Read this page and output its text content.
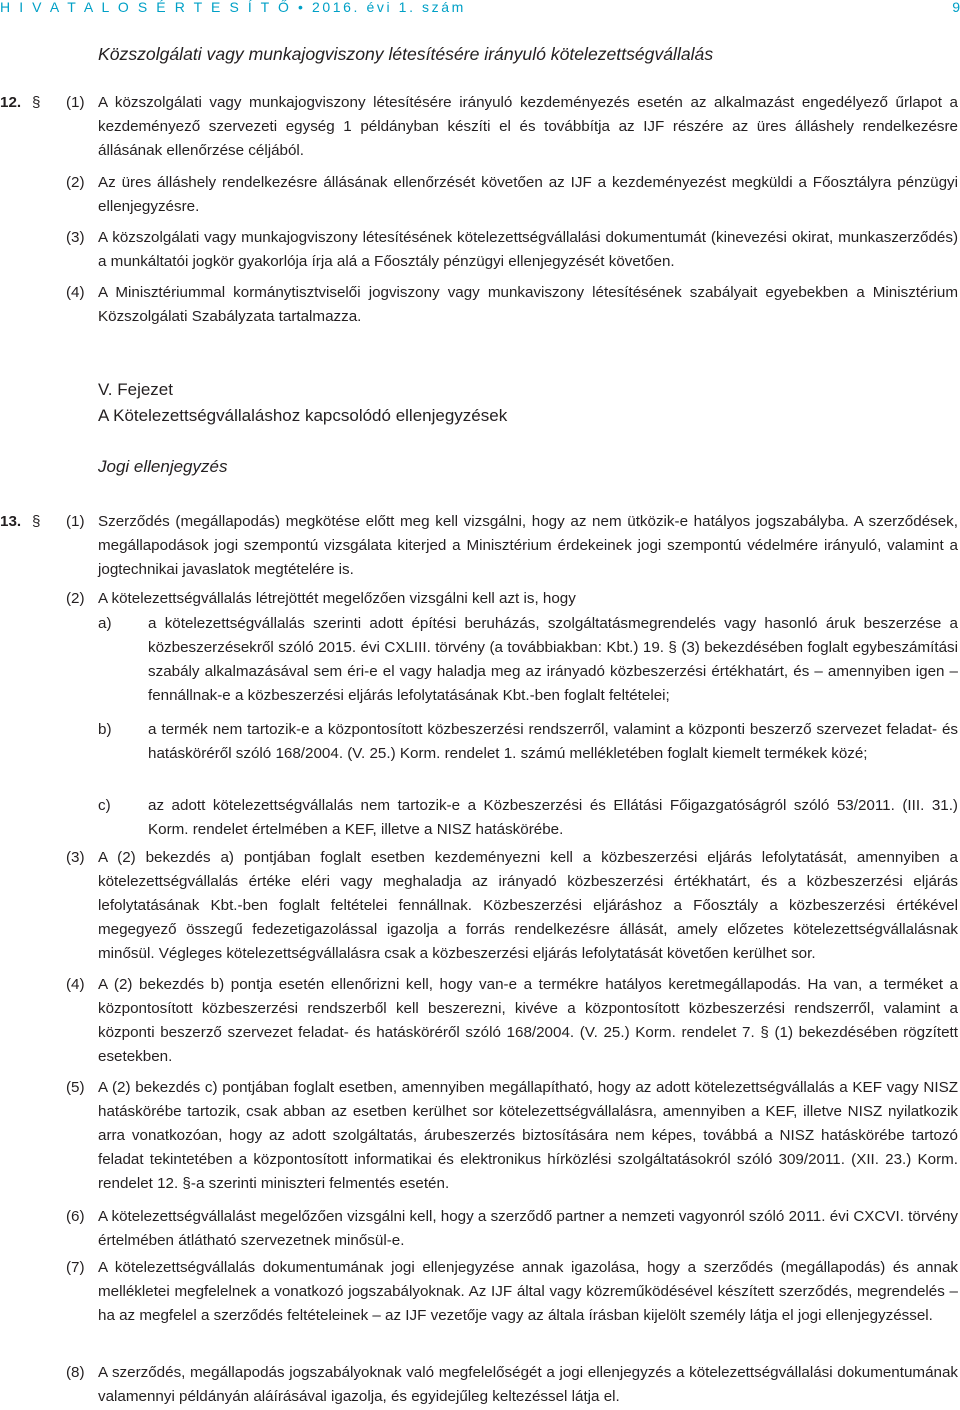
H I V A T A L O S É R T E S Í T Ő • 2016. évi 1. szám	9
Közszolgálati vagy munkajogviszony létesítésére irányuló kötelezettségvállalás
12. § (1) A közszolgálati vagy munkajogviszony létesítésére irányuló kezdeményezés esetén az alkalmazást engedélyező űrlapot a kezdeményező szervezeti egység 1 példányban készíti el és továbbítja az IJF részére az üres álláshely rendelkezésre állásának ellenőrzése céljából.
(2) Az üres álláshely rendelkezésre állásának ellenőrzését követően az IJF a kezdeményezést megküldi a Főosztályra pénzügyi ellenjegyzésre.
(3) A közszolgálati vagy munkajogviszony létesítésének kötelezettségvállalási dokumentumát (kinevezési okirat, munkaszerződés) a munkáltatói jogkör gyakorlója írja alá a Főosztály pénzügyi ellenjegyzését követően.
(4) A Minisztériummal kormánytisztviselői jogviszony vagy munkaviszony létesítésének szabályait egyebekben a Minisztérium Közszolgálati Szabályzata tartalmazza.
V. Fejezet
A Kötelezettségvállaláshoz kapcsolódó ellenjegyzések
Jogi ellenjegyzés
13. § (1) Szerződés (megállapodás) megkötése előtt meg kell vizsgálni, hogy az nem ütközik-e hatályos jogszabályba. A szerződések, megállapodások jogi szempontú vizsgálata kiterjed a Minisztérium érdekeinek jogi szempontú védelmére irányuló, valamint a jogtechnikai javaslatok megtételére is.
(2) A kötelezettségvállalás létrejöttét megelőzően vizsgálni kell azt is, hogy
a) a kötelezettségvállalás szerinti adott építési beruházás, szolgáltatásmegrendelés vagy hasonló áruk beszerzése a közbeszerzésekről szóló 2015. évi CXLIII. törvény (a továbbiakban: Kbt.) 19. § (3) bekezdésében foglalt egybeszámítási szabály alkalmazásával sem éri-e el vagy haladja meg az irányadó közbeszerzési értékhatárt, és – amennyiben igen – fennállnak-e a közbeszerzési eljárás lefolytatásának Kbt.-ben foglalt feltételei;
b) a termék nem tartozik-e a központosított közbeszerzési rendszerről, valamint a központi beszerző szervezet feladat- és hatásköréről szóló 168/2004. (V. 25.) Korm. rendelet 1. számú mellékletében foglalt kiemelt termékek közé;
c) az adott kötelezettségvállalás nem tartozik-e a Közbeszerzési és Ellátási Főigazgatóságról szóló 53/2011. (III. 31.) Korm. rendelet értelmében a KEF, illetve a NISZ hatáskörébe.
(3) A (2) bekezdés a) pontjában foglalt esetben kezdeményezni kell a közbeszerzési eljárás lefolytatását, amennyiben a kötelezettségvállalás értéke eléri vagy meghaladja az irányadó közbeszerzési értékhatárt, és a közbeszerzési eljárás lefolytatásának Kbt.-ben foglalt feltételei fennállnak. Közbeszerzési eljáráshoz a Főosztály a közbeszerzési értékével megegyező összegű fedezetigazolással igazolja a forrás rendelkezésre állását, amely előzetes kötelezettségvállalásnak minősül. Végleges kötelezettségvállalásra csak a közbeszerzési eljárás lefolytatását követően kerülhet sor.
(4) A (2) bekezdés b) pontja esetén ellenőrizni kell, hogy van-e a termékre hatályos keretmegállapodás. Ha van, a terméket a központosított közbeszerzési rendszerből kell beszerezni, kivéve a központosított közbeszerzési rendszerről, valamint a központi beszerző szervezet feladat- és hatásköréről szóló 168/2004. (V. 25.) Korm. rendelet 7. § (1) bekezdésében rögzített esetekben.
(5) A (2) bekezdés c) pontjában foglalt esetben, amennyiben megállapítható, hogy az adott kötelezettségvállalás a KEF vagy NISZ hatáskörébe tartozik, csak abban az esetben kerülhet sor kötelezettségvállalásra, amennyiben a KEF, illetve NISZ nyilatkozik arra vonatkozóan, hogy az adott szolgáltatás, árubeszerzés biztosítására nem képes, továbbá a NISZ hatáskörébe tartozó feladat tekintetében a központosított informatikai és elektronikus hírközlési szolgáltatásokról szóló 309/2011. (XII. 23.) Korm. rendelet 12. §-a szerinti miniszteri felmentés esetén.
(6) A kötelezettségvállalást megelőzően vizsgálni kell, hogy a szerződő partner a nemzeti vagyonról szóló 2011. évi CXCVI. törvény értelmében átlátható szervezetnek minősül-e.
(7) A kötelezettségvállalás dokumentumának jogi ellenjegyzése annak igazolása, hogy a szerződés (megállapodás) és annak mellékletei megfelelnek a vonatkozó jogszabályoknak. Az IJF által vagy közreműködésével készített szerződés, megrendelés – ha az megfelel a szerződés feltételeinek – az IJF vezetője vagy az általa írásban kijelölt személy látja el jogi ellenjegyzéssel.
(8) A szerződés, megállapodás jogszabályoknak való megfelelőségét a jogi ellenjegyzés a kötelezettségvállalási dokumentumának valamennyi példányán aláírásával igazolja, és egyidejűleg keltezéssel látja el.
